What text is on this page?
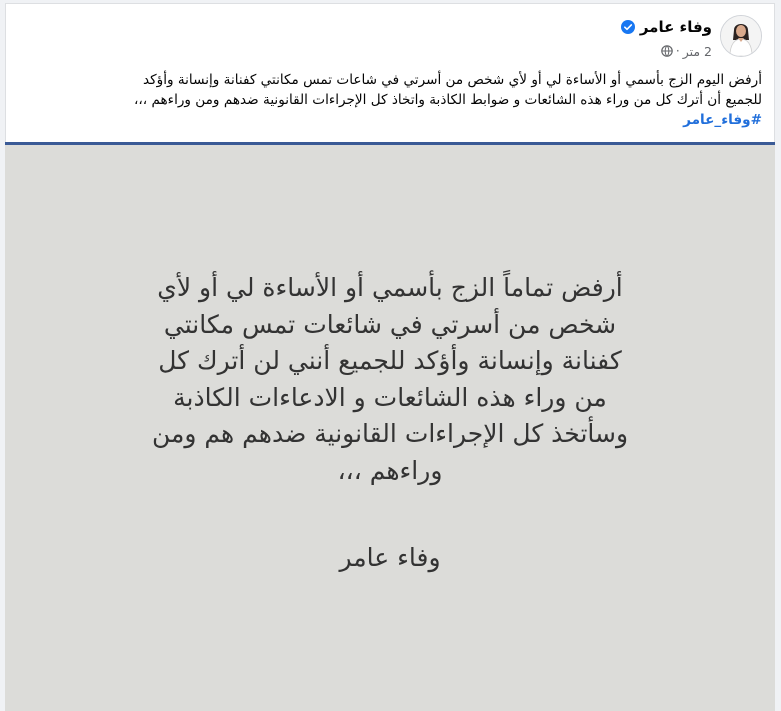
وفاء عامر
2 متر
·

أرفض اليوم الزج بأسمي أو الأساءة لي أو لأي شخص من أسرتي في شاعات تمس مكانتي كفنانة وإنسانة وأؤكد

للجميع أن أترك كل من وراء هذه الشائعات و ضوابط الكاذبة واتخاذ كل الإجراءات القانونية ضدهم ومن وراءهم ،،،

#وفاء_عامر
أرفض تماماً الزج بأسمي أو الأساءة لي أو لأي
شخص من أسرتي في شائعات تمس مكانتي
كفنانة وإنسانة وأؤكد للجميع أنني لن أترك كل
من وراء هذه الشائعات و الادعاءات الكاذبة
وسأتخذ كل الإجراءات القانونية ضدهم هم ومن
وراءهم ،،،
وفاء عامر
